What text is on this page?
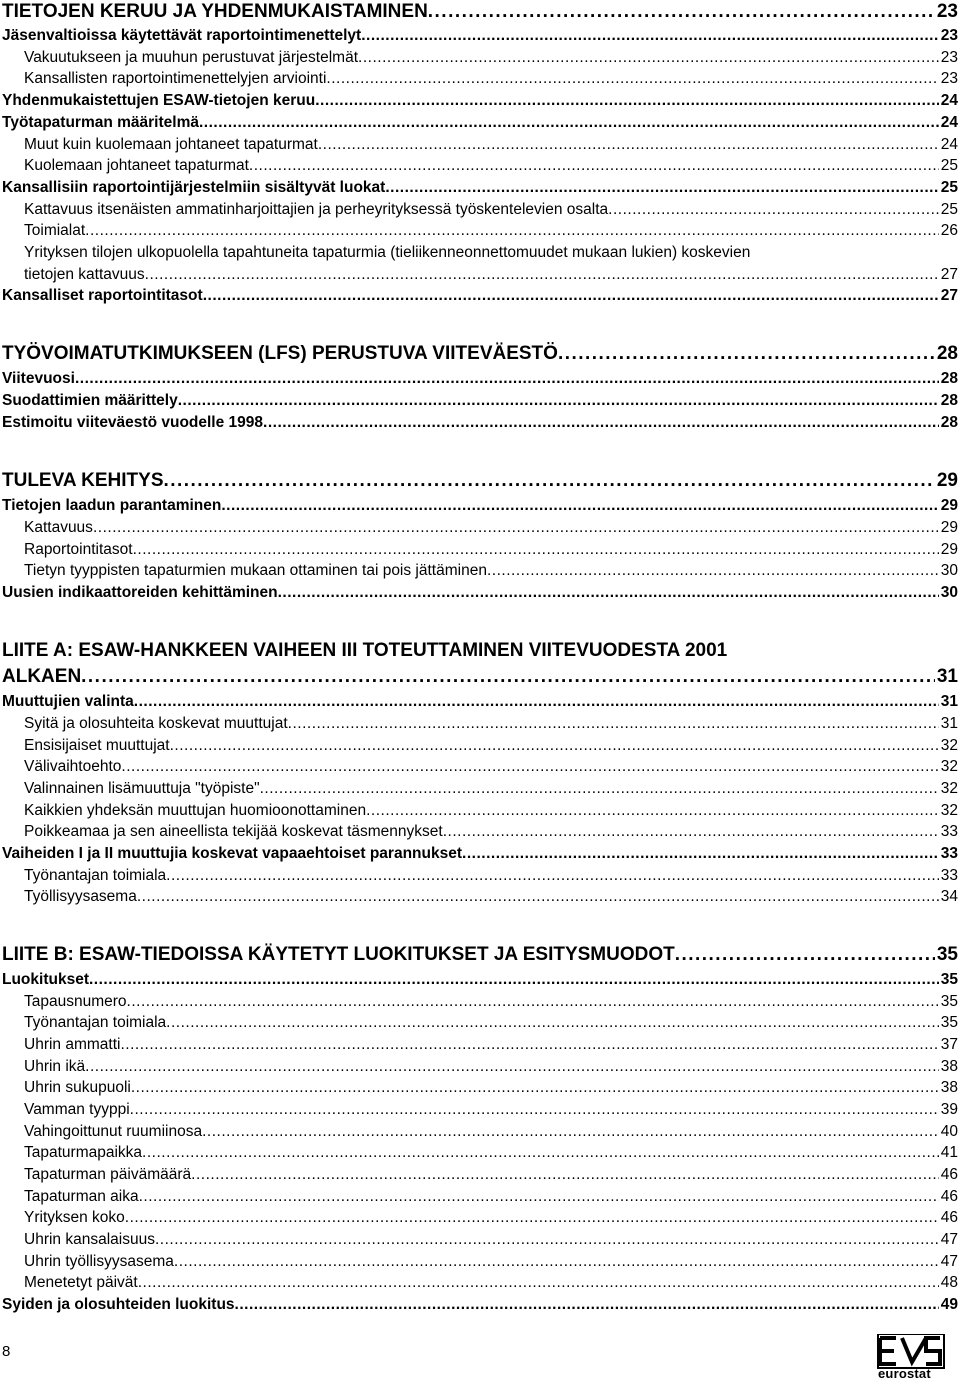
TIETOJEN KERUU JA YHDENMUKAISTAMINEN . . .	23
Jäsenvaltioissa käytettävät raportointimenettelyt . . .	23
Vakuutukseen ja muuhun perustuvat järjestelmät . . .	23
Kansallisten raportointimenettelyjen arviointi . . .	23
Yhdenmukaistettujen ESAW-tietojen keruu . . .	24
Työtapaturman määritelmä . . .	24
Muut kuin kuolemaan johtaneet tapaturmat . . .	24
Kuolemaan johtaneet tapaturmat . . .	25
Kansallisiin raportointijärjestelmiin sisältyvät luokat . . .	25
Kattavuus itsenäisten ammatinharjoittajien ja perheyrityksessä työskentelevien osalta . . .	25
Toimialat . . .	26
Yrityksen tilojen ulkopuolella tapahtuneita tapaturmia (tieliikenneonnettomuudet mukaan lukien) koskevien
tietojen kattavuus . . .	27
Kansalliset raportointitasot . . .	27
TYÖVOIMATUTKIMUKSEEN (LFS) PERUSTUVA VIITEVÄESTÖ . . .	28
Viitevuosi . . .	28
Suodattimien määrittely . . .	28
Estimoitu viiteväestö vuodelle 1998 . . .	28
TULEVA KEHITYS . . .	29
Tietojen laadun parantaminen . . .	29
Kattavuus . . .	29
Raportointitasot . . .	29
Tietyn tyyppisten tapaturmien mukaan ottaminen tai pois jättäminen . . .	30
Uusien indikaattoreiden kehittäminen . . .	30
LIITE A: ESAW-HANKKEEN VAIHEEN III TOTEUTTAMINEN VIITEVUODESTA 2001
ALKAEN . . .	31
Muuttujien valinta . . .	31
Syitä ja olosuhteita koskevat muuttujat . . .	31
Ensisijaiset muuttujat . . .	32
Välivaihtoehto . . .	32
Valinnainen lisämuuttuja "työpiste" . . .	32
Kaikkien yhdeksän muuttujan huomioonottaminen . . .	32
Poikkeamaa ja sen aineellista tekijää koskevat täsmennykset . . .	33
Vaiheiden I ja II muuttujia koskevat vapaaehtoiset parannukset . . .	33
Työnantajan toimiala . . .	33
Työllisyysasema . . .	34
LIITE B: ESAW-TIEDOISSA KÄYTETYT LUOKITUKSET JA ESITYSMUODOT . . .	35
Luokitukset . . .	35
Tapausnumero . . .	35
Työnantajan toimiala . . .	35
Uhrin ammatti . . .	37
Uhrin ikä . . .	38
Uhrin sukupuoli . . .	38
Vamman tyyppi . . .	39
Vahingoittunut ruumiinosa . . .	40
Tapaturmapaikka . . .	41
Tapaturman päivämäärä . . .	46
Tapaturman aika . . .	46
Yrityksen koko . . .	46
Uhrin kansalaisuus . . .	47
Uhrin työllisyysasema . . .	47
Menetetyt päivät . . .	48
Syiden ja olosuhteiden luokitus . . .	49
8
eurostat
